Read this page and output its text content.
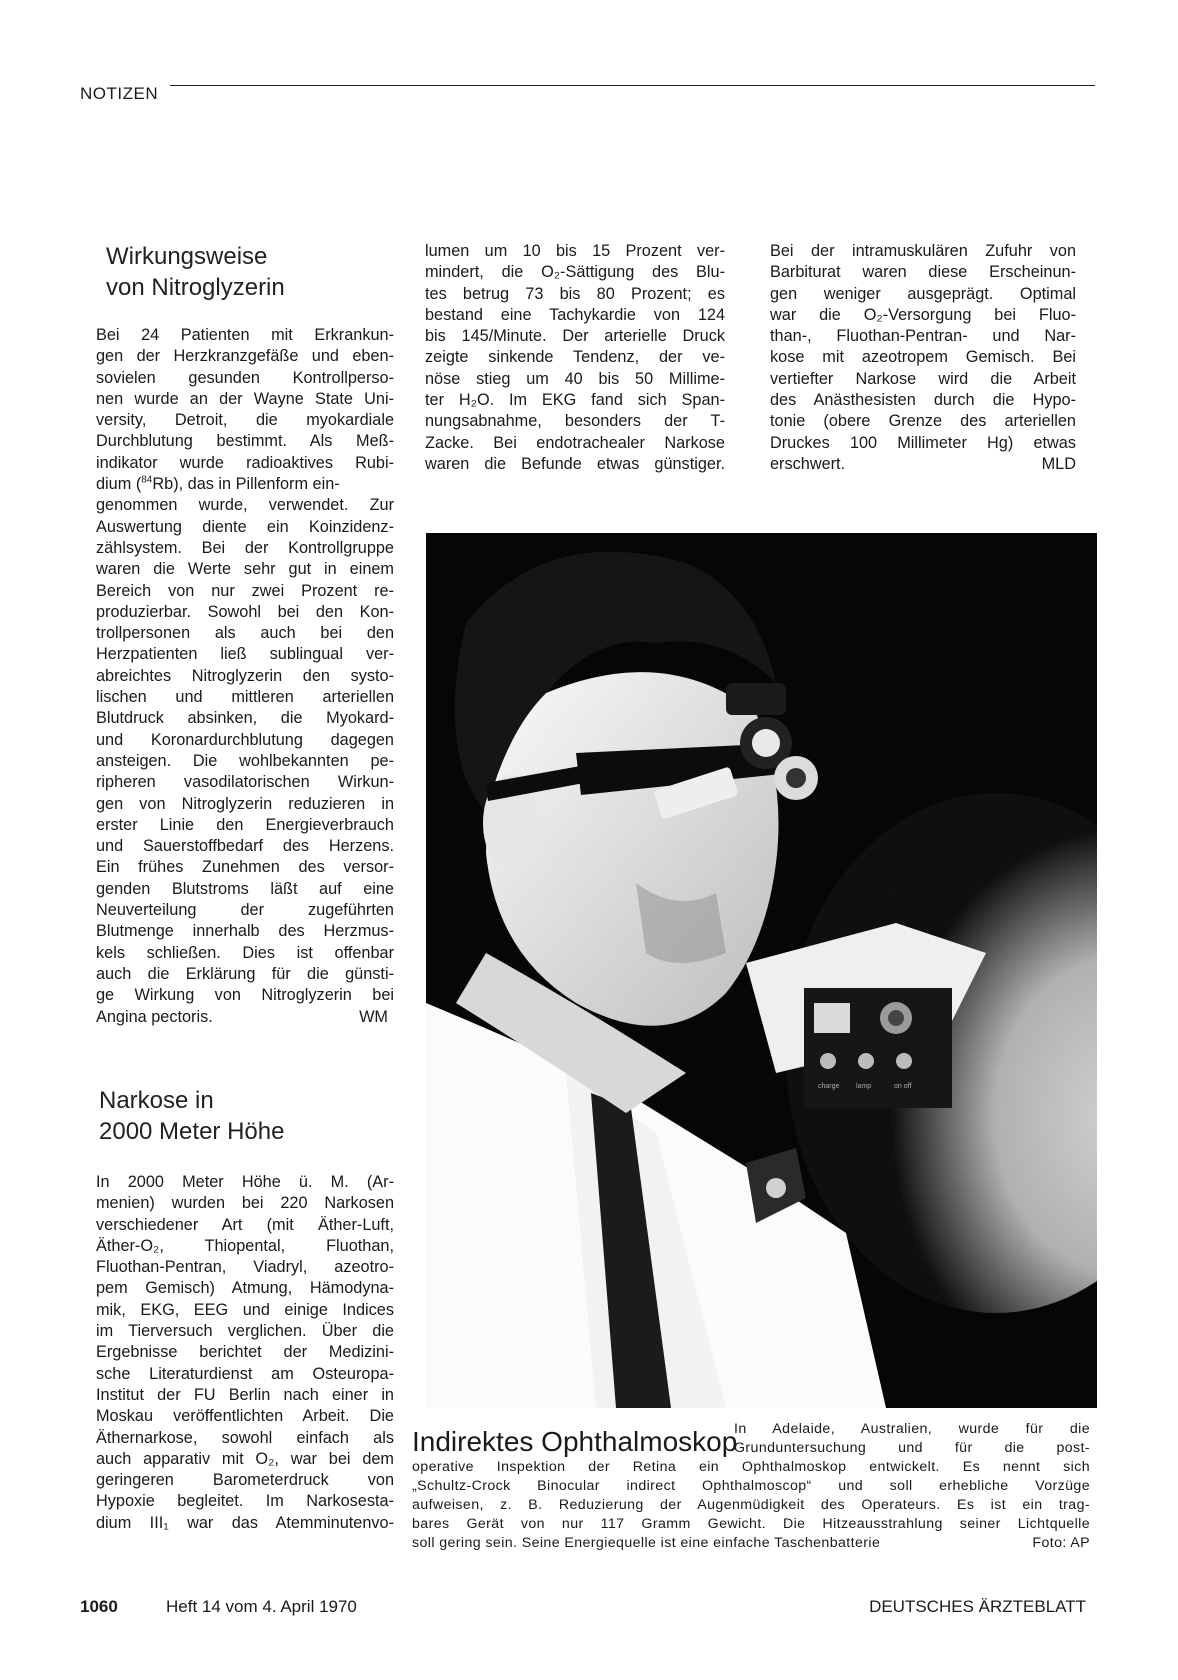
NOTIZEN
Wirkungsweise
von Nitroglyzerin
Bei 24 Patienten mit Erkrankun-
gen der Herzkranzgefäße und eben-
sovielen gesunden Kontrollperso-
nen wurde an der Wayne State Uni-
versity, Detroit, die myokardiale
Durchblutung bestimmt. Als Meß-
indikator wurde radioaktives Rubi-
dium ($^{84}$Rb), das in Pillenform ein-
genommen wurde, verwendet. Zur
Auswertung diente ein Koinzidenz-
zählsystem. Bei der Kontrollgruppe
waren die Werte sehr gut in einem
Bereich von nur zwei Prozent re-
produzierbar. Sowohl bei den Kon-
trollpersonen als auch bei den
Herzpatienten ließ sublingual ver-
abreichtes Nitroglyzerin den systo-
lischen und mittleren arteriellen
Blutdruck absinken, die Myokard-
und Koronardurchblutung dagegen
ansteigen. Die wohlbekannten pe-
ripheren vasodilatorischen Wirkun-
gen von Nitroglyzerin reduzieren in
erster Linie den Energieverbrauch
und Sauerstoffbedarf des Herzens.
Ein frühes Zunehmen des versor-
genden Blutstroms läßt auf eine
Neuverteilung der zugeführten
Blutmenge innerhalb des Herzmus-
kels schließen. Dies ist offenbar
auch die Erklärung für die günsti-
ge Wirkung von Nitroglyzerin bei
Angina pectoris.	WM
Narkose in
2000 Meter Höhe
In 2000 Meter Höhe ü. M. (Ar-
menien) wurden bei 220 Narkosen
verschiedener Art (mit Äther-Luft,
Äther-O₂, Thiopental, Fluothan,
Fluothan-Pentran, Viadryl, azeotro-
pem Gemisch) Atmung, Hämodyna-
mik, EKG, EEG und einige Indices
im Tierversuch verglichen. Über die
Ergebnisse berichtet der Medizini-
sche Literaturdienst am Osteuropa-
Institut der FU Berlin nach einer in
Moskau veröffentlichten Arbeit. Die
Äthernarkose, sowohl einfach als
auch apparativ mit O₂, war bei dem
geringeren Barometerdruck von
Hypoxie begleitet. Im Narkosesta-
dium III₁ war das Atemminutenvo-
lumen um 10 bis 15 Prozent ver-
mindert, die O₂-Sättigung des Blu-
tes betrug 73 bis 80 Prozent; es
bestand eine Tachykardie von 124
bis 145/Minute. Der arterielle Druck
zeigte sinkende Tendenz, der ve-
nöse stieg um 40 bis 50 Millime-
ter H₂O. Im EKG fand sich Span-
nungsabnahme, besonders der T-
Zacke. Bei endotrachealer Narkose
waren die Befunde etwas günstiger.
Bei der intramuskulären Zufuhr von
Barbiturat waren diese Erscheinun-
gen weniger ausgeprägt. Optimal
war die O₂-Versorgung bei Fluo-
than-, Fluothan-Pentran- und Nar-
kose mit azeotropem Gemisch. Bei
vertiefter Narkose wird die Arbeit
des Anästhesisten durch die Hypo-
tonie (obere Grenze des arteriellen
Druckes 100 Millimeter Hg) etwas
erschwert.	MLD
charge lamp	on off
Indirektes Ophthalmoskop
In Adelaide, Australien, wurde für die
Grunduntersuchung und für die post-
operative Inspektion der Retina ein Ophthalmoskop entwickelt. Es nennt sich
„Schultz-Crock Binocular indirect Ophthalmoscop“ und soll erhebliche Vorzüge
aufweisen, z. B. Reduzierung der Augenmüdigkeit des Operateurs. Es ist ein trag-
bares Gerät von nur 117 Gramm Gewicht. Die Hitzeausstrahlung seiner Lichtquelle
soll gering sein. Seine Energiequelle ist eine einfache Taschenbatterie	Foto: AP
1060	Heft 14 vom 4. April 1970	DEUTSCHES ÄRZTEBLATT
